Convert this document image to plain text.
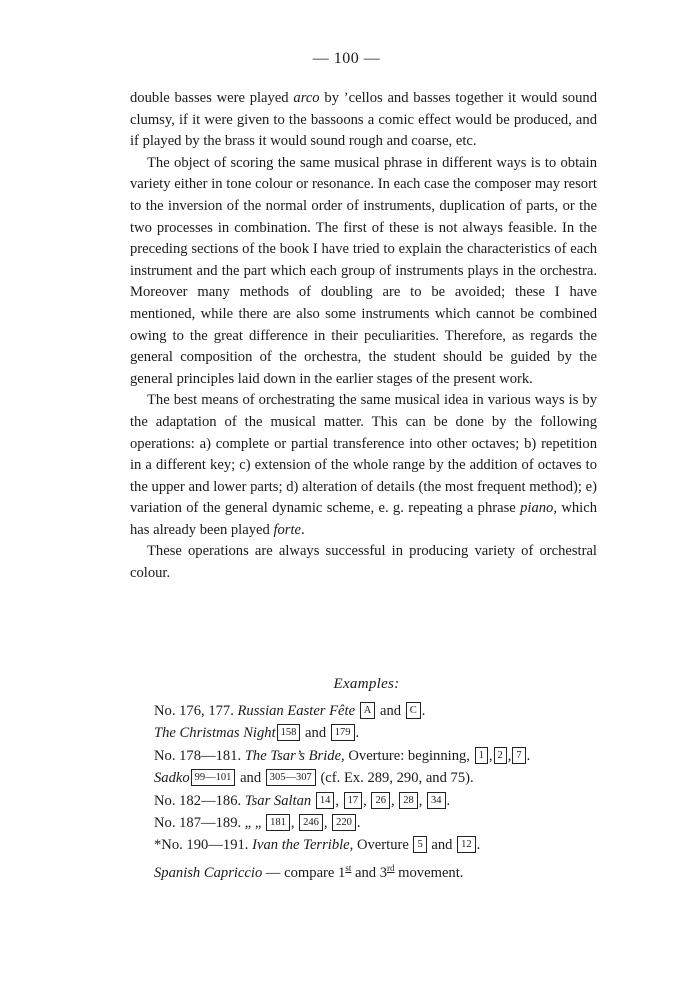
— 100 —

double basses were played arco by ’cellos and basses together it would sound clumsy, if it were given to the bassoons a comic effect would be produced, and if played by the brass it would sound rough and coarse, etc.

The object of scoring the same musical phrase in different ways is to obtain variety either in tone colour or resonance. In each case the composer may resort to the inversion of the normal order of instruments, duplication of parts, or the two processes in combination. The first of these is not always feasible. In the preceding sections of the book I have tried to explain the characteristics of each instrument and the part which each group of instruments plays in the orchestra. Moreover many methods of doubling are to be avoided; these I have mentioned, while there are also some instruments which cannot be combined owing to the great difference in their peculiarities. Therefore, as regards the general composition of the orchestra, the student should be guided by the general principles laid down in the earlier stages of the present work.

The best means of orchestrating the same musical idea in various ways is by the adaptation of the musical matter. This can be done by the following operations: a) complete or partial transference into other octaves; b) repetition in a different key; c) extension of the whole range by the addition of octaves to the upper and lower parts; d) alteration of details (the most frequent method); e) variation of the general dynamic scheme, e. g. repeating a phrase piano, which has already been played forte.

These operations are always successful in producing variety of orchestral colour.

Examples:
No. 176, 177. Russian Easter Fête A and C .
The Christmas Night 158 and 179 .
No. 178—181. The Tsar’s Bride, Overture: beginning, 1 , 2 , 7 .
Sadko 99—101 and 305—307 (cf. Ex. 289, 290, and 75).
No. 182—186. Tsar Saltan 14 , 17 , 26 , 28 , 34 .
No. 187—189. „ „ 181 , 246 , 220 .
*No. 190—191. Ivan the Terrible, Overture 5 and 12 .
Spanish Capriccio — compare 1st and 3rd movement.
